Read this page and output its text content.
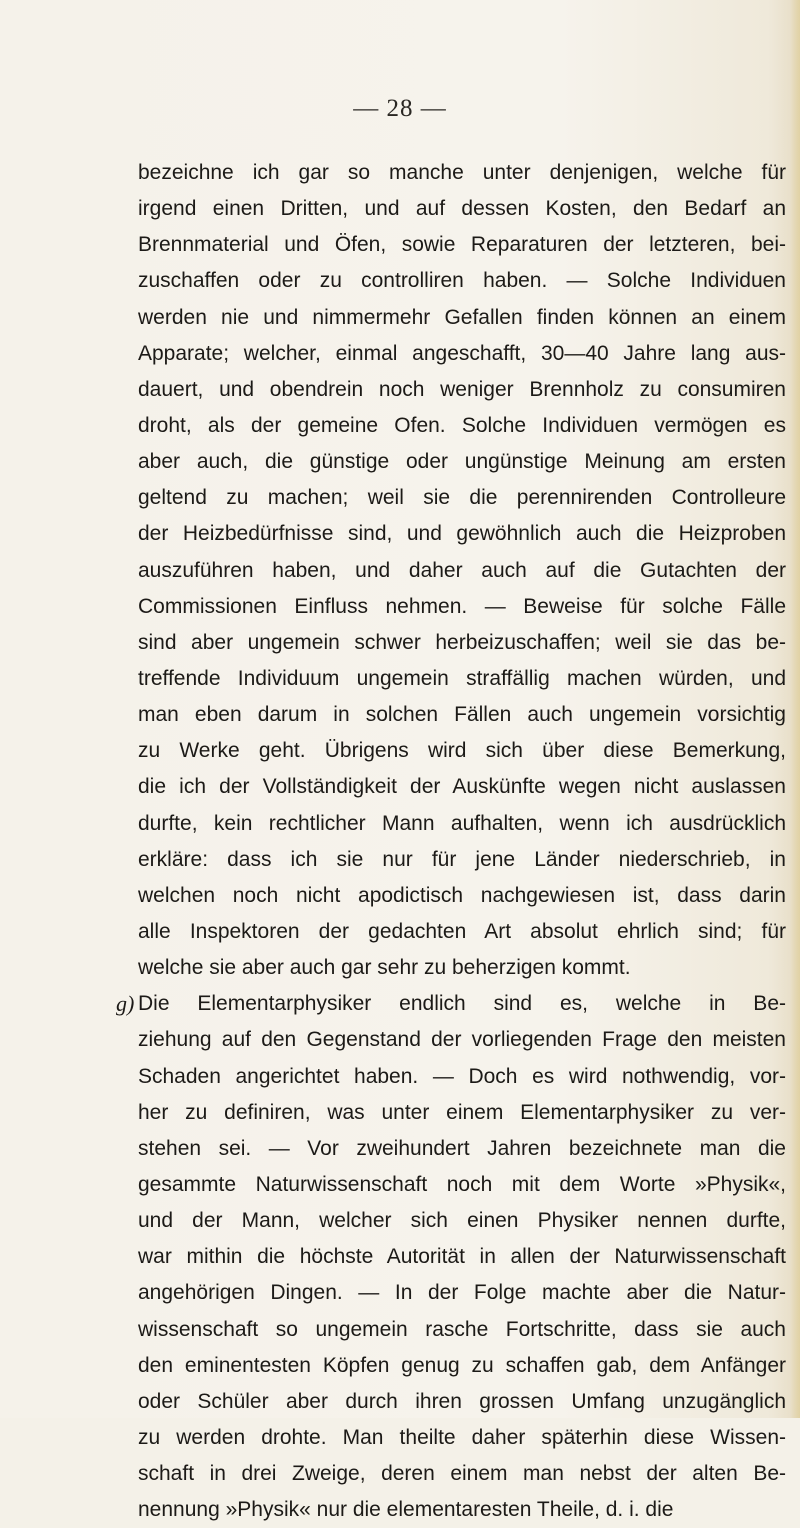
— 28 —
bezeichne ich gar so manche unter denjenigen, welche für
irgend einen Dritten, und auf dessen Kosten, den Bedarf an
Brennmaterial und Öfen, sowie Reparaturen der letzteren, bei-
zuschaffen oder zu controlliren haben. — Solche Individuen
werden nie und nimmermehr Gefallen finden können an einem
Apparate; welcher, einmal angeschafft, 30—40 Jahre lang aus-
dauert, und obendrein noch weniger Brennholz zu consumiren
droht, als der gemeine Ofen. Solche Individuen vermögen es
aber auch, die günstige oder ungünstige Meinung am ersten
geltend zu machen; weil sie die perennirenden Controlleure
der Heizbedürfnisse sind, und gewöhnlich auch die Heizproben
auszuführen haben, und daher auch auf die Gutachten der
Commissionen Einfluss nehmen. — Beweise für solche Fälle
sind aber ungemein schwer herbeizuschaffen; weil sie das be-
treffende Individuum ungemein straffällig machen würden, und
man eben darum in solchen Fällen auch ungemein vorsichtig
zu Werke geht. Übrigens wird sich über diese Bemerkung,
die ich der Vollständigkeit der Auskünfte wegen nicht auslassen
durfte, kein rechtlicher Mann aufhalten, wenn ich ausdrücklich
erkläre: dass ich sie nur für jene Länder niederschrieb, in
welchen noch nicht apodictisch nachgewiesen ist, dass darin
alle Inspektoren der gedachten Art absolut ehrlich sind; für
welche sie aber auch gar sehr zu beherzigen kommt.
g) Die Elementarphysiker endlich sind es, welche in Be-
ziehung auf den Gegenstand der vorliegenden Frage den meisten
Schaden angerichtet haben. — Doch es wird nothwendig, vor-
her zu definiren, was unter einem Elementarphysiker zu ver-
stehen sei. — Vor zweihundert Jahren bezeichnete man die
gesammte Naturwissenschaft noch mit dem Worte »Physik«,
und der Mann, welcher sich einen Physiker nennen durfte,
war mithin die höchste Autorität in allen der Naturwissenschaft
angehörigen Dingen. — In der Folge machte aber die Natur-
wissenschaft so ungemein rasche Fortschritte, dass sie auch
den eminentesten Köpfen genug zu schaffen gab, dem Anfänger
oder Schüler aber durch ihren grossen Umfang unzugänglich
zu werden drohte. Man theilte daher späterhin diese Wissen-
schaft in drei Zweige, deren einem man nebst der alten Be-
nennung »Physik« nur die elementaresten Theile, d. i. die
